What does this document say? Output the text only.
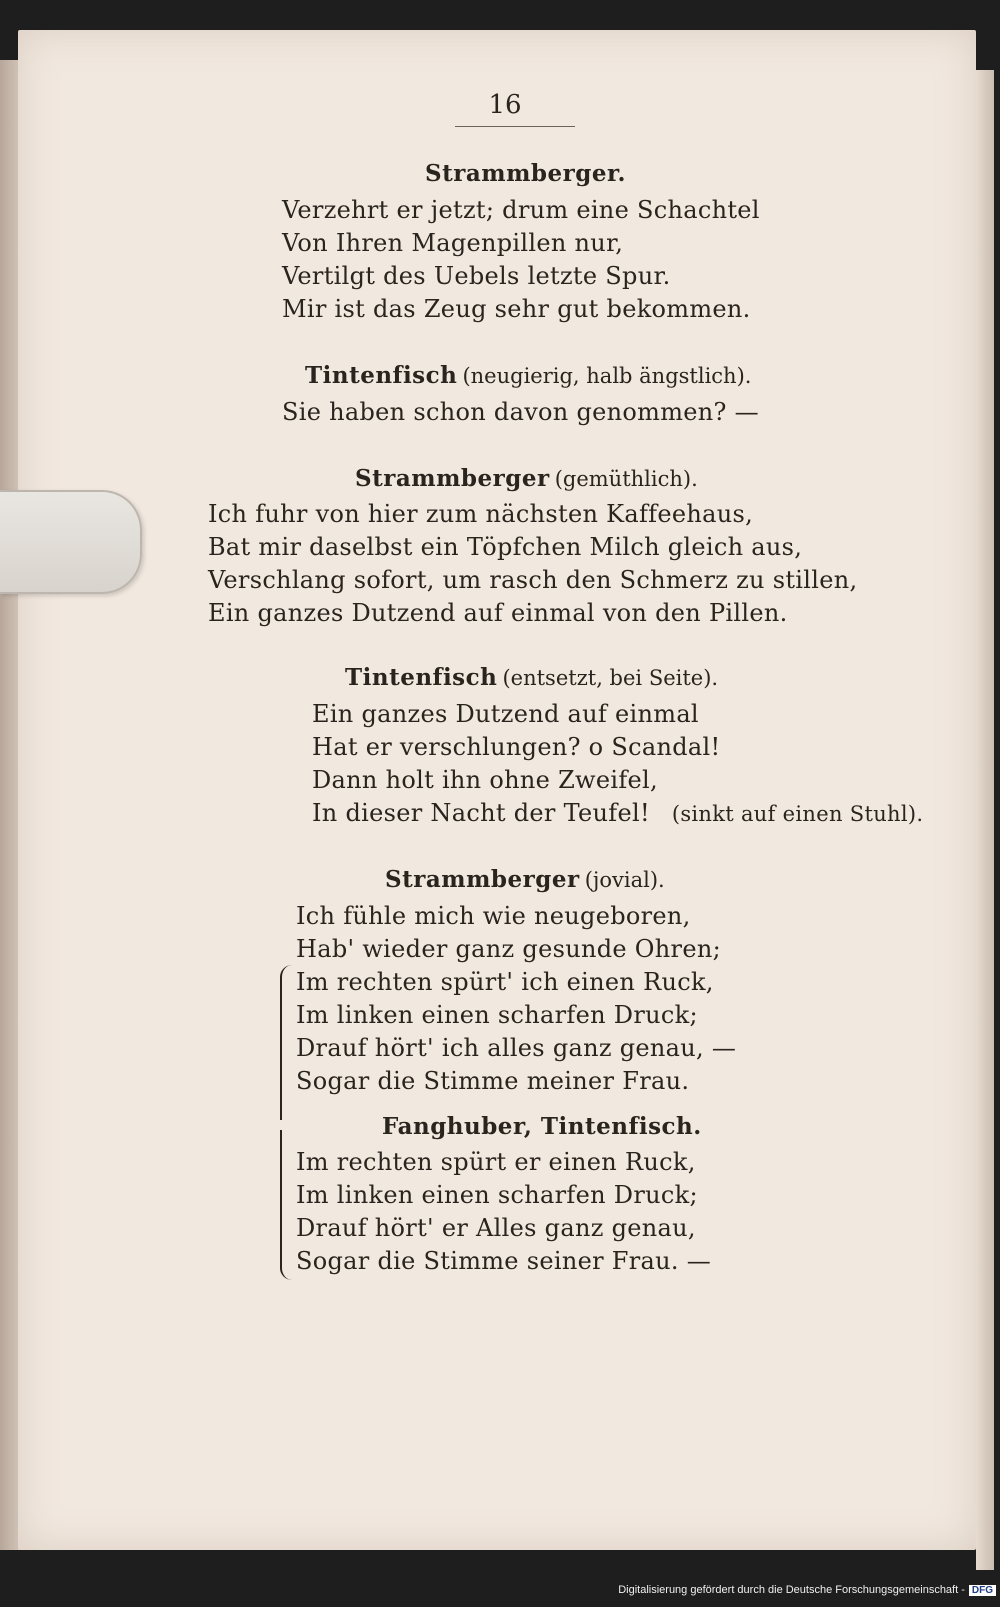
16
Strammberger.
Verzehrt er jetzt; drum eine Schachtel
Von Ihren Magenpillen nur,
Vertilgt des Uebels letzte Spur.
Mir ist das Zeug sehr gut bekommen.
Tintenfisch (neugierig, halb ängstlich).
Sie haben schon davon genommen? —
Strammberger (gemüthlich).
Ich fuhr von hier zum nächsten Kaffeehaus,
Bat mir daselbst ein Töpfchen Milch gleich aus,
Verschlang sofort, um rasch den Schmerz zu stillen,
Ein ganzes Dutzend auf einmal von den Pillen.
Tintenfisch (entsetzt, bei Seite).
Ein ganzes Dutzend auf einmal
Hat er verschlungen? o Scandal!
Dann holt ihn ohne Zweifel,
In dieser Nacht der Teufel! (sinkt auf einen Stuhl).
Strammberger (jovial).
Ich fühle mich wie neugeboren,
Hab' wieder ganz gesunde Ohren;
Im rechten spürt' ich einen Ruck,
Im linken einen scharfen Druck;
Drauf hört' ich alles ganz genau, —
Sogar die Stimme meiner Frau.
Fanghuber, Tintenfisch.
Im rechten spürt er einen Ruck,
Im linken einen scharfen Druck;
Drauf hört' er Alles ganz genau,
Sogar die Stimme seiner Frau. —
Digitalisierung gefördert durch die Deutsche Forschungsgemeinschaft - DFG
